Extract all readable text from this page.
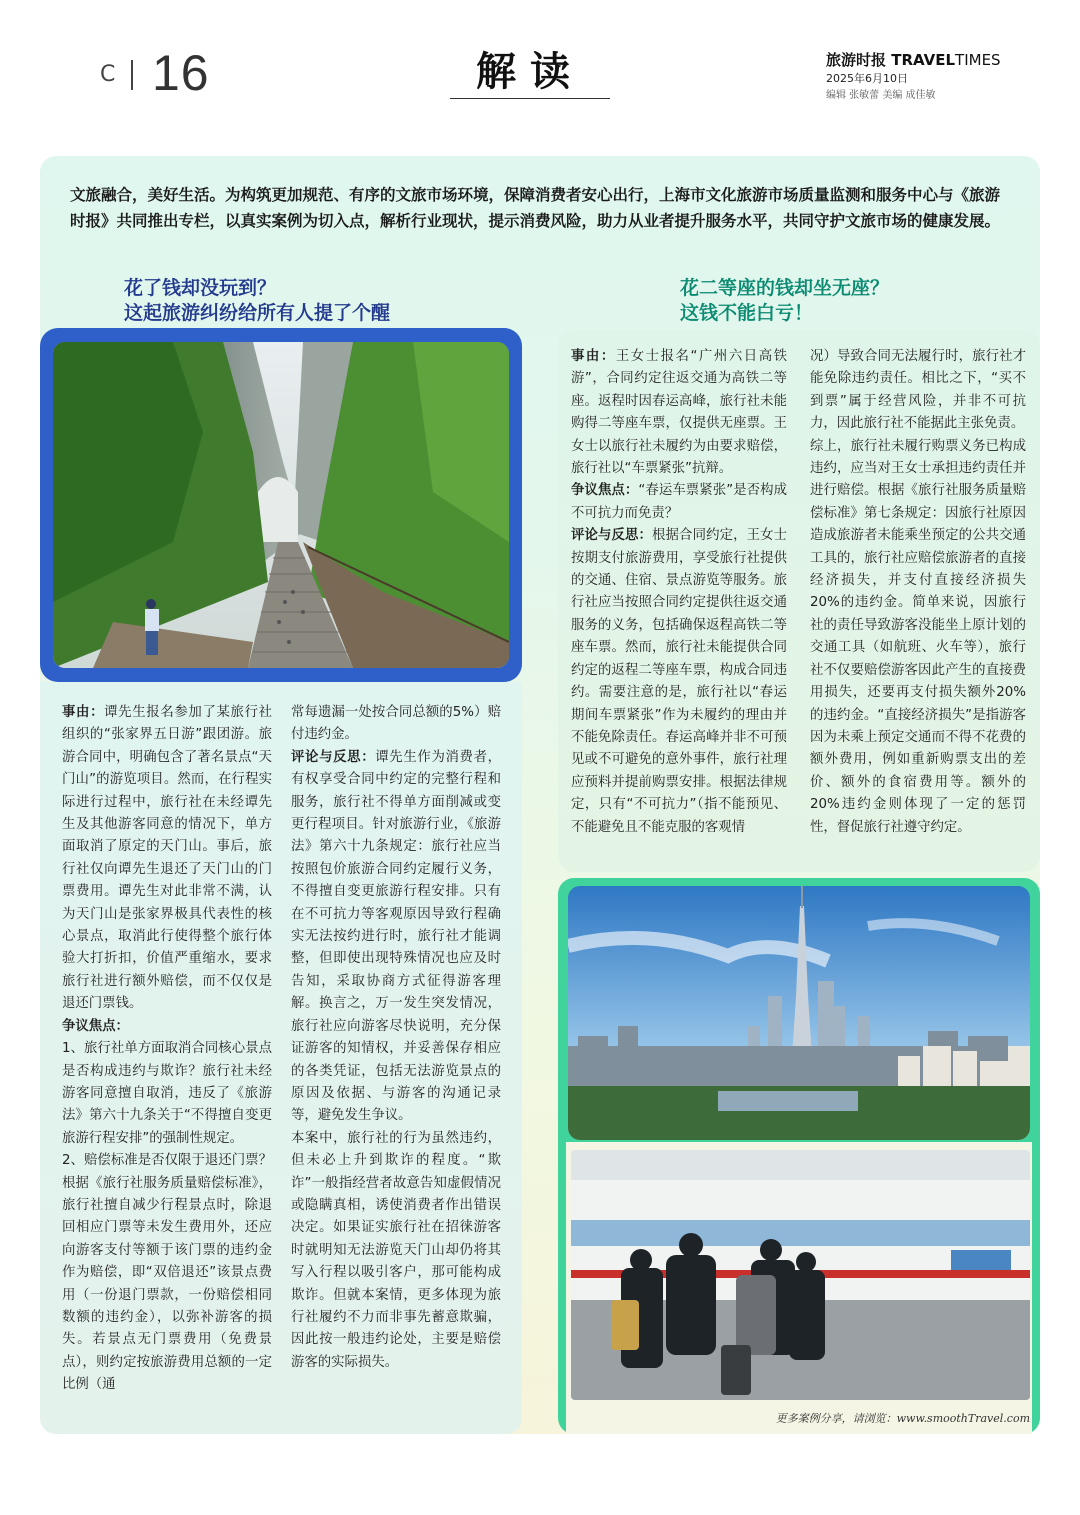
C 16	解读	旅游时报 TRAVELTIMES
2025年6月10日
编辑 张敏蕾 美编 成佳敏
文旅融合，美好生活。为构筑更加规范、有序的文旅市场环境，保障消费者安心出行，上海市文化旅游市场质量监测和服务中心与《旅游时报》共同推出专栏，以真实案例为切入点，解析行业现状，提示消费风险，助力从业者提升服务水平，共同守护文旅市场的健康发展。
花了钱却没玩到？
这起旅游纠纷给所有人提了个醒
花二等座的钱却坐无座？
这钱不能白亏！

事由：谭先生报名参加了某旅行社组织的“张家界五日游”跟团游。旅游合同中，明确包含了著名景点“天门山”的游览项目。然而，在行程实际进行过程中，旅行社在未经谭先生及其他游客同意的情况下，单方面取消了原定的天门山。事后，旅行社仅向谭先生退还了天门山的门票费用。谭先生对此非常不满，认为天门山是张家界极具代表性的核心景点，取消此行使得整个旅行体验大打折扣，价值严重缩水，要求旅行社进行额外赔偿，而不仅仅是退还门票钱。

争议焦点：

1、旅行社单方面取消合同核心景点是否构成违约与欺诈？旅行社未经游客同意擅自取消，违反了《旅游法》第六十九条关于“不得擅自变更旅游行程安排”的强制性规定。

2、赔偿标准是否仅限于退还门票？根据《旅行社服务质量赔偿标准》，旅行社擅自减少行程景点时，除退回相应门票等未发生费用外，还应向游客支付等额于该门票的违约金作为赔偿，即“双倍退还”该景点费用（一份退门票款，一份赔偿相同数额的违约金），以弥补游客的损失。若景点无门票费用（免费景点），则约定按旅游费用总额的一定比例（通

常每遗漏一处按合同总额的5%）赔付违约金。

评论与反思：谭先生作为消费者，有权享受合同中约定的完整行程和服务，旅行社不得单方面削减或变更行程项目。针对旅游行业，《旅游法》第六十九条规定：旅行社应当按照包价旅游合同约定履行义务，不得擅自变更旅游行程安排。只有在不可抗力等客观原因导致行程确实无法按约进行时，旅行社才能调整，但即使出现特殊情况也应及时告知，采取协商方式征得游客理解。换言之，万一发生突发情况，旅行社应向游客尽快说明，充分保证游客的知情权，并妥善保存相应的各类凭证，包括无法游览景点的原因及依据、与游客的沟通记录等，避免发生争议。

本案中，旅行社的行为虽然违约，但未必上升到欺诈的程度。“欺诈”一般指经营者故意告知虚假情况或隐瞒真相，诱使消费者作出错误决定。如果证实旅行社在招徕游客时就明知无法游览天门山却仍将其写入行程以吸引客户，那可能构成欺诈。但就本案情，更多体现为旅行社履约不力而非事先蓄意欺骗，因此按一般违约论处，主要是赔偿游客的实际损失。

事由：王女士报名“广州六日高铁游”，合同约定往返交通为高铁二等座。返程时因春运高峰，旅行社未能购得二等座车票，仅提供无座票。王女士以旅行社未履约为由要求赔偿，旅行社以“车票紧张”抗辩。

争议焦点：“春运车票紧张”是否构成不可抗力而免责？

评论与反思：根据合同约定，王女士按期支付旅游费用，享受旅行社提供的交通、住宿、景点游览等服务。旅行社应当按照合同约定提供往返交通服务的义务，包括确保返程高铁二等座车票。然而，旅行社未能提供合同约定的返程二等座车票，构成合同违约。需要注意的是，旅行社以“春运期间车票紧张”作为未履约的理由并不能免除责任。春运高峰并非不可预见或不可避免的意外事件，旅行社理应预料并提前购票安排。根据法律规定，只有“不可抗力”（指不能预见、不能避免且不能克服的客观情

况）导致合同无法履行时，旅行社才能免除违约责任。相比之下，“买不到票”属于经营风险，并非不可抗力，因此旅行社不能据此主张免责。

综上，旅行社未履行购票义务已构成违约，应当对王女士承担违约责任并进行赔偿。根据《旅行社服务质量赔偿标准》第七条规定：因旅行社原因造成旅游者未能乘坐预定的公共交通工具的，旅行社应赔偿旅游者的直接经济损失，并支付直接经济损失20%的违约金。简单来说，因旅行社的责任导致游客没能坐上原计划的交通工具（如航班、火车等），旅行社不仅要赔偿游客因此产生的直接费用损失，还要再支付损失额外20%的违约金。“直接经济损失”是指游客因为未乘上预定交通而不得不花费的额外费用，例如重新购票支出的差价、额外的食宿费用等。额外的20%违约金则体现了一定的惩罚性，督促旅行社遵守约定。

更多案例分享，请浏览：www.smoothTravel.com
